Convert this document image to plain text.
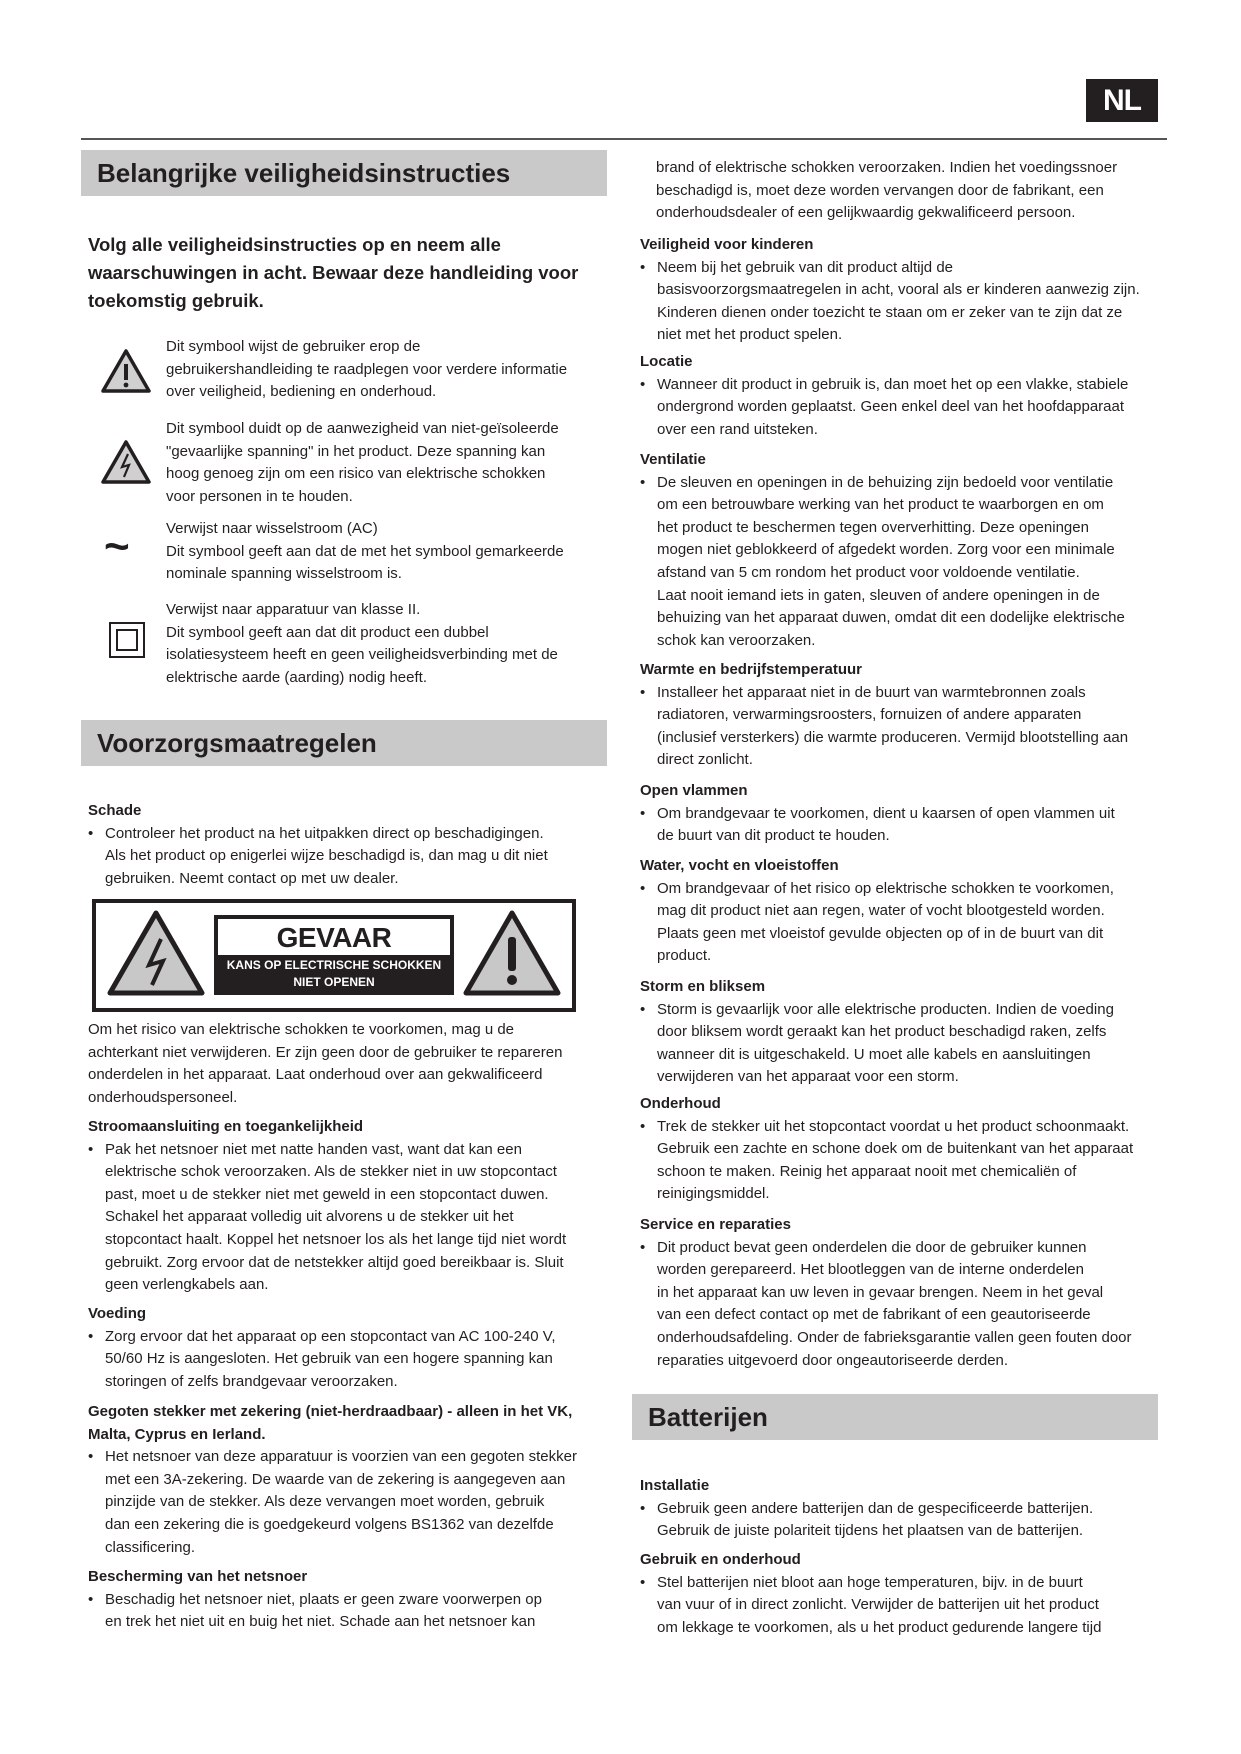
NL
Belangrijke veiligheidsinstructies
Volg alle veiligheidsinstructies op en neem alle
waarschuwingen in acht. Bewaar deze handleiding voor
toekomstig gebruik.
Dit symbool wijst de gebruiker erop de
gebruikershandleiding te raadplegen voor verdere informatie
over veiligheid, bediening en onderhoud.
Dit symbool duidt op de aanwezigheid van niet-geïsoleerde
"gevaarlijke spanning" in het product. Deze spanning kan
hoog genoeg zijn om een risico van elektrische schokken
voor personen in te houden.
~ Verwijst naar wisselstroom (AC)
Dit symbool geeft aan dat de met het symbool gemarkeerde
nominale spanning wisselstroom is.
Verwijst naar apparatuur van klasse II.
Dit symbool geeft aan dat dit product een dubbel
isolatiesysteem heeft en geen veiligheidsverbinding met de
elektrische aarde (aarding) nodig heeft.
Voorzorgsmaatregelen
Schade
• Controleer het product na het uitpakken direct op beschadigingen.
Als het product op enigerlei wijze beschadigd is, dan mag u dit niet
gebruiken. Neemt contact op met uw dealer.
GEVAAR
KANS OP ELECTRISCHE SCHOKKEN
NIET OPENEN
Om het risico van elektrische schokken te voorkomen, mag u de
achterkant niet verwijderen. Er zijn geen door de gebruiker te repareren
onderdelen in het apparaat. Laat onderhoud over aan gekwalificeerd
onderhoudspersoneel.
Stroomaansluiting en toegankelijkheid
• Pak het netsnoer niet met natte handen vast, want dat kan een
elektrische schok veroorzaken. Als de stekker niet in uw stopcontact
past, moet u de stekker niet met geweld in een stopcontact duwen.
Schakel het apparaat volledig uit alvorens u de stekker uit het
stopcontact haalt. Koppel het netsnoer los als het lange tijd niet wordt
gebruikt. Zorg ervoor dat de netstekker altijd goed bereikbaar is. Sluit
geen verlengkabels aan.
Voeding
• Zorg ervoor dat het apparaat op een stopcontact van AC 100-240 V,
50/60 Hz is aangesloten. Het gebruik van een hogere spanning kan
storingen of zelfs brandgevaar veroorzaken.
Gegoten stekker met zekering (niet-herdraadbaar) - alleen in het VK,
Malta, Cyprus en Ierland.
• Het netsnoer van deze apparatuur is voorzien van een gegoten stekker
met een 3A-zekering. De waarde van de zekering is aangegeven aan
pinzijde van de stekker. Als deze vervangen moet worden, gebruik
dan een zekering die is goedgekeurd volgens BS1362 van dezelfde
classificering.
Bescherming van het netsnoer
• Beschadig het netsnoer niet, plaats er geen zware voorwerpen op
en trek het niet uit en buig het niet. Schade aan het netsnoer kan
brand of elektrische schokken veroorzaken. Indien het voedingssnoer
beschadigd is, moet deze worden vervangen door de fabrikant, een
onderhoudsdealer of een gelijkwaardig gekwalificeerd persoon.
Veiligheid voor kinderen
• Neem bij het gebruik van dit product altijd de
basisvoorzorgsmaatregelen in acht, vooral als er kinderen aanwezig zijn.
Kinderen dienen onder toezicht te staan om er zeker van te zijn dat ze
niet met het product spelen.
Locatie
• Wanneer dit product in gebruik is, dan moet het op een vlakke, stabiele
ondergrond worden geplaatst. Geen enkel deel van het hoofdapparaat
over een rand uitsteken.
Ventilatie
• De sleuven en openingen in de behuizing zijn bedoeld voor ventilatie
om een betrouwbare werking van het product te waarborgen en om
het product te beschermen tegen oververhitting. Deze openingen
mogen niet geblokkeerd of afgedekt worden. Zorg voor een minimale
afstand van 5 cm rondom het product voor voldoende ventilatie.
Laat nooit iemand iets in gaten, sleuven of andere openingen in de
behuizing van het apparaat duwen, omdat dit een dodelijke elektrische
schok kan veroorzaken.
Warmte en bedrijfstemperatuur
• Installeer het apparaat niet in de buurt van warmtebronnen zoals
radiatoren, verwarmingsroosters, fornuizen of andere apparaten
(inclusief versterkers) die warmte produceren. Vermijd blootstelling aan
direct zonlicht.
Open vlammen
• Om brandgevaar te voorkomen, dient u kaarsen of open vlammen uit
de buurt van dit product te houden.
Water, vocht en vloeistoffen
• Om brandgevaar of het risico op elektrische schokken te voorkomen,
mag dit product niet aan regen, water of vocht blootgesteld worden.
Plaats geen met vloeistof gevulde objecten op of in de buurt van dit
product.
Storm en bliksem
• Storm is gevaarlijk voor alle elektrische producten. Indien de voeding
door bliksem wordt geraakt kan het product beschadigd raken, zelfs
wanneer dit is uitgeschakeld. U moet alle kabels en aansluitingen
verwijderen van het apparaat voor een storm.
Onderhoud
• Trek de stekker uit het stopcontact voordat u het product schoonmaakt.
Gebruik een zachte en schone doek om de buitenkant van het apparaat
schoon te maken. Reinig het apparaat nooit met chemicaliën of
reinigingsmiddel.
Service en reparaties
• Dit product bevat geen onderdelen die door de gebruiker kunnen
worden gerepareerd. Het blootleggen van de interne onderdelen
in het apparaat kan uw leven in gevaar brengen. Neem in het geval
van een defect contact op met de fabrikant of een geautoriseerde
onderhoudsafdeling. Onder de fabrieksgarantie vallen geen fouten door
reparaties uitgevoerd door ongeautoriseerde derden.
Batterijen
Installatie
• Gebruik geen andere batterijen dan de gespecificeerde batterijen.
Gebruik de juiste polariteit tijdens het plaatsen van de batterijen.
Gebruik en onderhoud
• Stel batterijen niet bloot aan hoge temperaturen, bijv. in de buurt
van vuur of in direct zonlicht. Verwijder de batterijen uit het product
om lekkage te voorkomen, als u het product gedurende langere tijd
